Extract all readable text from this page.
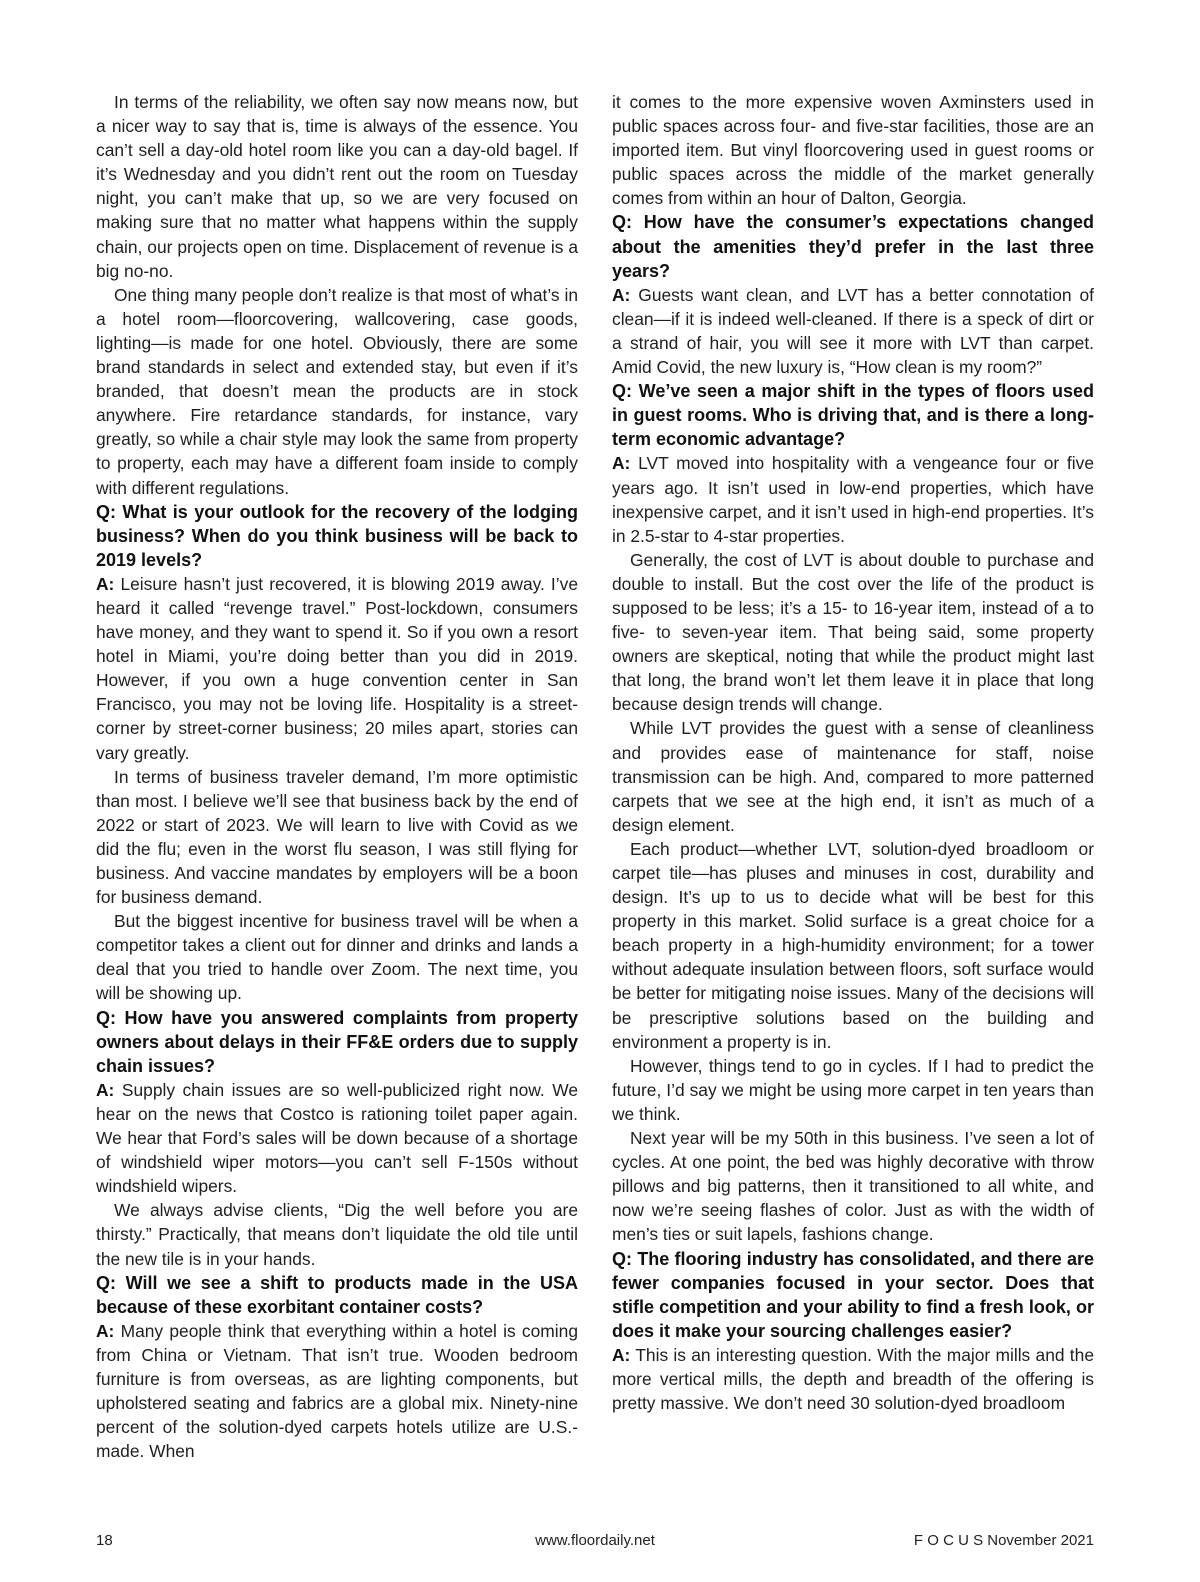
In terms of the reliability, we often say now means now, but a nicer way to say that is, time is always of the essence. You can’t sell a day-old hotel room like you can a day-old bagel. If it’s Wednesday and you didn’t rent out the room on Tuesday night, you can’t make that up, so we are very focused on making sure that no matter what happens within the supply chain, our projects open on time. Displacement of revenue is a big no-no.

One thing many people don’t realize is that most of what’s in a hotel room—floorcovering, wallcovering, case goods, lighting—is made for one hotel. Obviously, there are some brand standards in select and extended stay, but even if it’s branded, that doesn’t mean the products are in stock anywhere. Fire retardance standards, for instance, vary greatly, so while a chair style may look the same from property to property, each may have a different foam inside to comply with different regulations.

Q: What is your outlook for the recovery of the lodging business? When do you think business will be back to 2019 levels?

A: Leisure hasn’t just recovered, it is blowing 2019 away. I’ve heard it called “revenge travel.” Post-lockdown, consumers have money, and they want to spend it. So if you own a resort hotel in Miami, you’re doing better than you did in 2019. However, if you own a huge convention center in San Francisco, you may not be loving life. Hospitality is a street-corner by street-corner business; 20 miles apart, stories can vary greatly.

In terms of business traveler demand, I’m more optimistic than most. I believe we’ll see that business back by the end of 2022 or start of 2023. We will learn to live with Covid as we did the flu; even in the worst flu season, I was still flying for business. And vaccine mandates by employers will be a boon for business demand.

But the biggest incentive for business travel will be when a competitor takes a client out for dinner and drinks and lands a deal that you tried to handle over Zoom. The next time, you will be showing up.

Q: How have you answered complaints from property owners about delays in their FF&E orders due to supply chain issues?

A: Supply chain issues are so well-publicized right now. We hear on the news that Costco is rationing toilet paper again. We hear that Ford’s sales will be down because of a shortage of windshield wiper motors—you can’t sell F-150s without windshield wipers.

We always advise clients, “Dig the well before you are thirsty.” Practically, that means don’t liquidate the old tile until the new tile is in your hands.

Q: Will we see a shift to products made in the USA because of these exorbitant container costs?

A: Many people think that everything within a hotel is coming from China or Vietnam. That isn’t true. Wooden bedroom furniture is from overseas, as are lighting components, but upholstered seating and fabrics are a global mix. Ninety-nine percent of the solution-dyed carpets hotels utilize are U.S.-made. When

it comes to the more expensive woven Axminsters used in public spaces across four- and five-star facilities, those are an imported item. But vinyl floorcovering used in guest rooms or public spaces across the middle of the market generally comes from within an hour of Dalton, Georgia.

Q: How have the consumer’s expectations changed about the amenities they’d prefer in the last three years?

A: Guests want clean, and LVT has a better connotation of clean—if it is indeed well-cleaned. If there is a speck of dirt or a strand of hair, you will see it more with LVT than carpet. Amid Covid, the new luxury is, “How clean is my room?”

Q: We’ve seen a major shift in the types of floors used in guest rooms. Who is driving that, and is there a long-term economic advantage?

A: LVT moved into hospitality with a vengeance four or five years ago. It isn’t used in low-end properties, which have inexpensive carpet, and it isn’t used in high-end properties. It’s in 2.5-star to 4-star properties.

Generally, the cost of LVT is about double to purchase and double to install. But the cost over the life of the product is supposed to be less; it’s a 15- to 16-year item, instead of a to five- to seven-year item. That being said, some property owners are skeptical, noting that while the product might last that long, the brand won’t let them leave it in place that long because design trends will change.

While LVT provides the guest with a sense of cleanliness and provides ease of maintenance for staff, noise transmission can be high. And, compared to more patterned carpets that we see at the high end, it isn’t as much of a design element.

Each product—whether LVT, solution-dyed broadloom or carpet tile—has pluses and minuses in cost, durability and design. It’s up to us to decide what will be best for this property in this market. Solid surface is a great choice for a beach property in a high-humidity environment; for a tower without adequate insulation between floors, soft surface would be better for mitigating noise issues. Many of the decisions will be prescriptive solutions based on the building and environment a property is in.

However, things tend to go in cycles. If I had to predict the future, I’d say we might be using more carpet in ten years than we think.

Next year will be my 50th in this business. I’ve seen a lot of cycles. At one point, the bed was highly decorative with throw pillows and big patterns, then it transitioned to all white, and now we’re seeing flashes of color. Just as with the width of men’s ties or suit lapels, fashions change.

Q: The flooring industry has consolidated, and there are fewer companies focused in your sector. Does that stifle competition and your ability to find a fresh look, or does it make your sourcing challenges easier?

A: This is an interesting question. With the major mills and the more vertical mills, the depth and breadth of the offering is pretty massive. We don’t need 30 solution-dyed broadloom

18	www.floordaily.net	F O C U S November 2021
